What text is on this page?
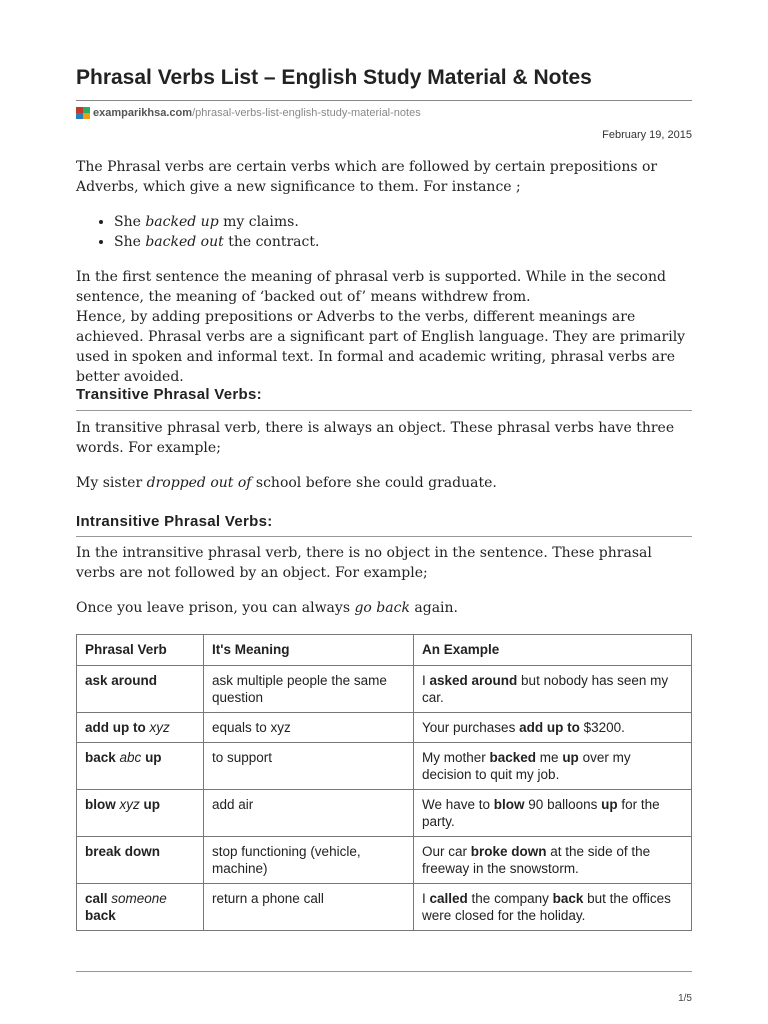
Phrasal Verbs List – English Study Material & Notes
examparikhsa.com /phrasal-verbs-list-english-study-material-notes
February 19, 2015

The Phrasal verbs are certain verbs which are followed by certain prepositions or Adverbs, which give a new significance to them. For instance ;

• She backed up my claims.
• She backed out the contract.

In the first sentence the meaning of phrasal verb is supported. While in the second sentence, the meaning of ‘backed out of’ means withdrew from.
Hence, by adding prepositions or Adverbs to the verbs, different meanings are achieved. Phrasal verbs are a significant part of English language. They are primarily used in spoken and informal text. In formal and academic writing, phrasal verbs are better avoided.

Transitive Phrasal Verbs:

In transitive phrasal verb, there is always an object. These phrasal verbs have three words. For example;

My sister dropped out of school before she could graduate.

Intransitive Phrasal Verbs:

In the intransitive phrasal verb, there is no object in the sentence. These phrasal verbs are not followed by an object. For example;

Once you leave prison, you can always go back again.

Phrasal Verb	It's Meaning	An Example
ask around	ask multiple people the same question	I asked around but nobody has seen my car.
add up to xyz	equals to xyz	Your purchases add up to $3200.
back abc up	to support	My mother backed me up over my decision to quit my job.
blow xyz up	add air	We have to blow 90 balloons up for the party.
break down	stop functioning (vehicle, machine)	Our car broke down at the side of the freeway in the snowstorm.
call someone back	return a phone call	I called the company back but the offices were closed for the holiday.
1/5
